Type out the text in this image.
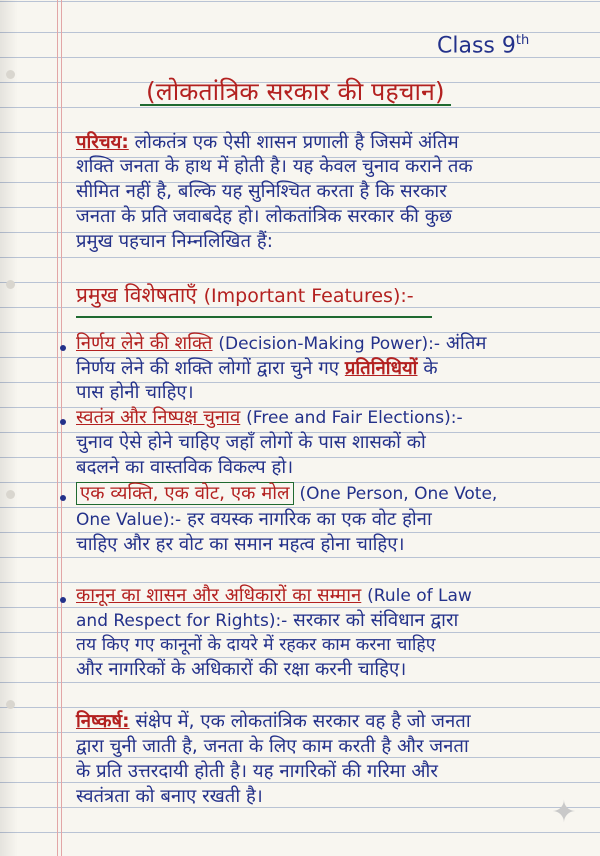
Class 9th
(लोकतांत्रिक सरकार की पहचान)
परिचय: लोकतंत्र एक ऐसी शासन प्रणाली है जिसमें अंतिम
शक्ति जनता के हाथ में होती है। यह केवल चुनाव कराने तक
सीमित नहीं है, बल्कि यह सुनिश्चित करता है कि सरकार
जनता के प्रति जवाबदेह हो। लोकतांत्रिक सरकार की कुछ
प्रमुख पहचान निम्नलिखित हैं:
प्रमुख विशेषताएँ (Important Features):-
निर्णय लेने की शक्ति (Decision-Making Power):- अंतिम
निर्णय लेने की शक्ति लोगों द्वारा चुने गए प्रतिनिधियों के
पास होनी चाहिए।
स्वतंत्र और निष्पक्ष चुनाव (Free and Fair Elections):-
चुनाव ऐसे होने चाहिए जहाँ लोगों के पास शासकों को
बदलने का वास्तविक विकल्प हो।
एक व्यक्ति, एक वोट, एक मोल (One Person, One Vote,
One Value):- हर वयस्क नागरिक का एक वोट होना
चाहिए और हर वोट का समान महत्व होना चाहिए।
कानून का शासन और अधिकारों का सम्मान (Rule of Law
and Respect for Rights):- सरकार को संविधान द्वारा
तय किए गए कानूनों के दायरे में रहकर काम करना चाहिए
और नागरिकों के अधिकारों की रक्षा करनी चाहिए।
निष्कर्ष: संक्षेप में, एक लोकतांत्रिक सरकार वह है जो जनता
द्वारा चुनी जाती है, जनता के लिए काम करती है और जनता
के प्रति उत्तरदायी होती है। यह नागरिकों की गरिमा और
स्वतंत्रता को बनाए रखती है।	✦
